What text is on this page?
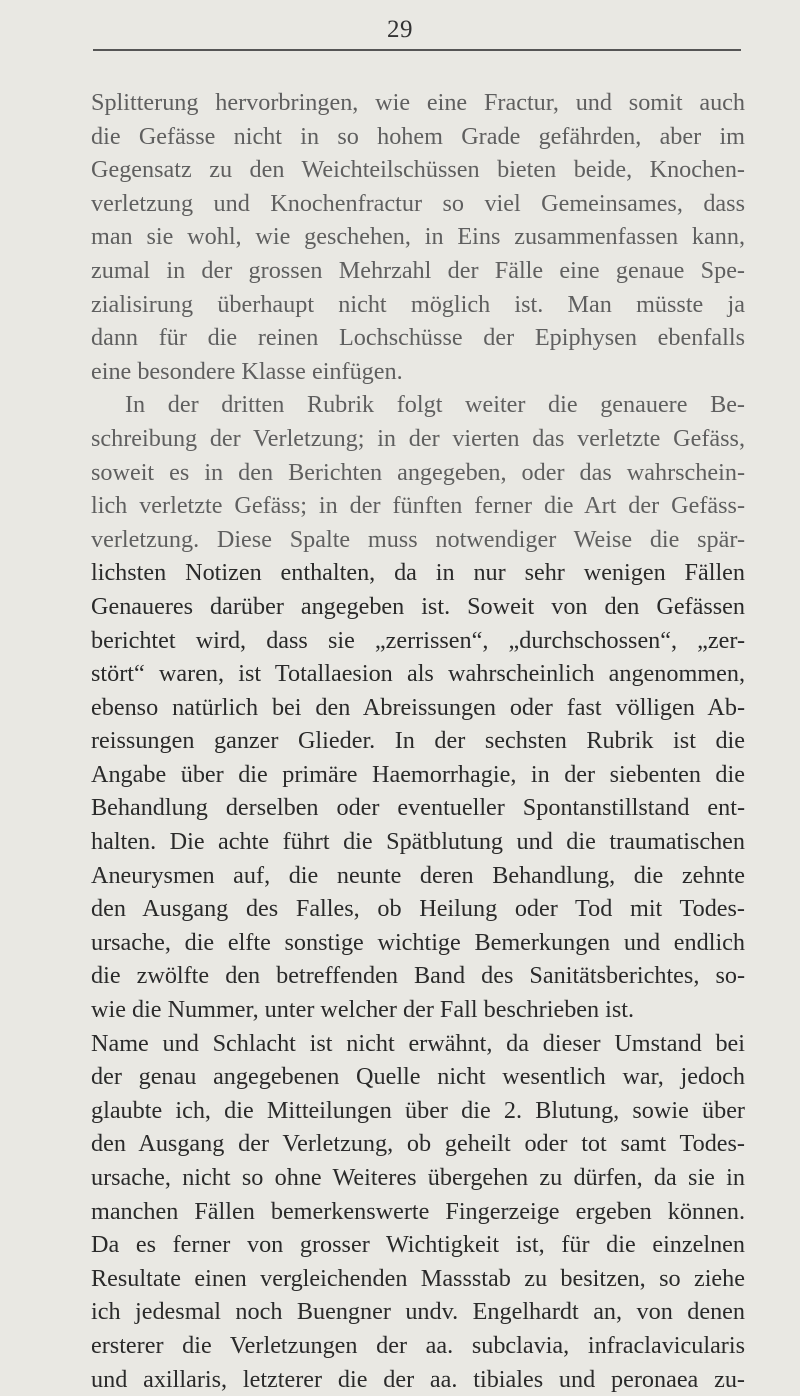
29
Splitterung hervorbringen, wie eine Fractur, und somit auch
die Gefässe nicht in so hohem Grade gefährden, aber im
Gegensatz zu den Weichteilschüssen bieten beide, Knochen-
verletzung und Knochenfractur so viel Gemeinsames, dass
man sie wohl, wie geschehen, in Eins zusammenfassen kann,
zumal in der grossen Mehrzahl der Fälle eine genaue Spe-
zialisirung überhaupt nicht möglich ist. Man müsste ja
dann für die reinen Lochschüsse der Epiphysen ebenfalls
eine besondere Klasse einfügen.
In der dritten Rubrik folgt weiter die genauere Be-
schreibung der Verletzung; in der vierten das verletzte Gefäss,
soweit es in den Berichten angegeben, oder das wahrschein-
lich verletzte Gefäss; in der fünften ferner die Art der Gefäss-
verletzung. Diese Spalte muss notwendiger Weise die spär-
lichsten Notizen enthalten, da in nur sehr wenigen Fällen
Genaueres darüber angegeben ist. Soweit von den Gefässen
berichtet wird, dass sie „zerrissen“, „durchschossen“, „zer-
stört“ waren, ist Totallaesion als wahrscheinlich angenommen,
ebenso natürlich bei den Abreissungen oder fast völligen Ab-
reissungen ganzer Glieder. In der sechsten Rubrik ist die
Angabe über die primäre Haemorrhagie, in der siebenten die
Behandlung derselben oder eventueller Spontanstillstand ent-
halten. Die achte führt die Spätblutung und die traumatischen
Aneurysmen auf, die neunte deren Behandlung, die zehnte
den Ausgang des Falles, ob Heilung oder Tod mit Todes-
ursache, die elfte sonstige wichtige Bemerkungen und endlich
die zwölfte den betreffenden Band des Sanitätsberichtes, so-
wie die Nummer, unter welcher der Fall beschrieben ist.
Name und Schlacht ist nicht erwähnt, da dieser Umstand bei
der genau angegebenen Quelle nicht wesentlich war, jedoch
glaubte ich, die Mitteilungen über die 2. Blutung, sowie über
den Ausgang der Verletzung, ob geheilt oder tot samt Todes-
ursache, nicht so ohne Weiteres übergehen zu dürfen, da sie in
manchen Fällen bemerkenswerte Fingerzeige ergeben können.
Da es ferner von grosser Wichtigkeit ist, für die einzelnen
Resultate einen vergleichenden Massstab zu besitzen, so ziehe
ich jedesmal noch Buengner undv. Engelhardt an, von denen
ersterer die Verletzungen der aa. subclavia, infraclavicularis
und axillaris, letzterer die der aa. tibiales und peronaea zu-
